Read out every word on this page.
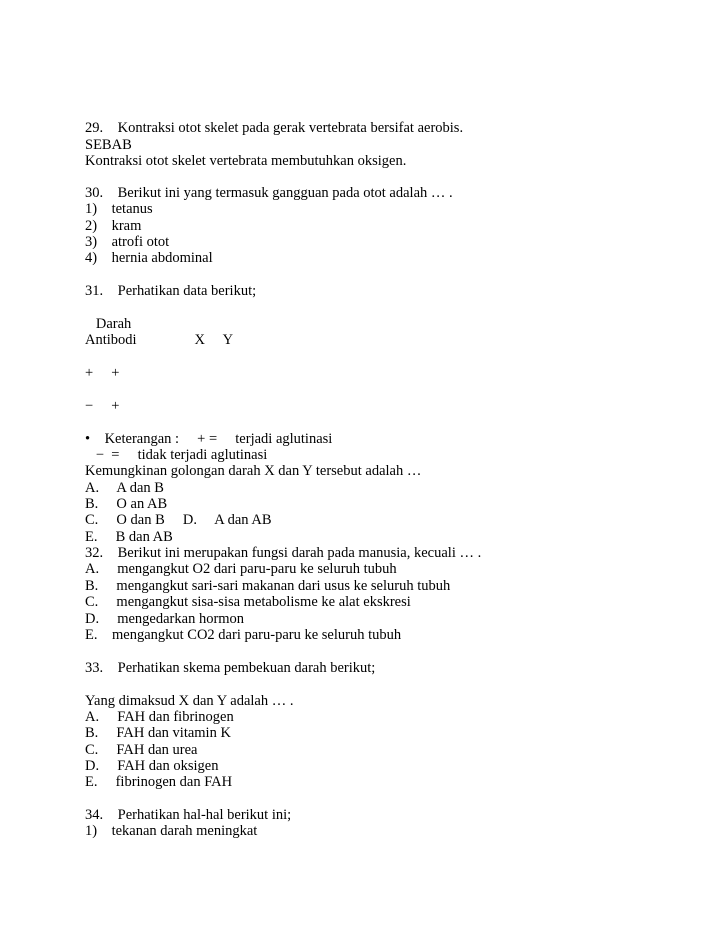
29.    Kontraksi otot skelet pada gerak vertebrata bersifat aerobis.
SEBAB
Kontraksi otot skelet vertebrata membutuhkan oksigen.
30.    Berikut ini yang termasuk gangguan pada otot adalah … .
1)    tetanus
2)    kram
3)    atrofi otot
4)    hernia abdominal
31.    Perhatikan data berikut;
Darah
Antibodi                X     Y
+     +
−     +
•    Keterangan :     + =     terjadi aglutinasi
−  =     tidak terjadi aglutinasi
Kemungkinan golongan darah X dan Y tersebut adalah …
A.     A dan B
B.     O an AB
C.     O dan B     D.     A dan AB
E.     B dan AB
32.    Berikut ini merupakan fungsi darah pada manusia, kecuali … .
A.     mengangkut O2 dari paru-paru ke seluruh tubuh
B.     mengangkut sari-sari makanan dari usus ke seluruh tubuh
C.     mengangkut sisa-sisa metabolisme ke alat ekskresi
D.     mengedarkan hormon
E.    mengangkut CO2 dari paru-paru ke seluruh tubuh
33.    Perhatikan skema pembekuan darah berikut;
Yang dimaksud X dan Y adalah … .
A.     FAH dan fibrinogen
B.     FAH dan vitamin K
C.     FAH dan urea
D.     FAH dan oksigen
E.     fibrinogen dan FAH
34.    Perhatikan hal-hal berikut ini;
1)    tekanan darah meningkat
